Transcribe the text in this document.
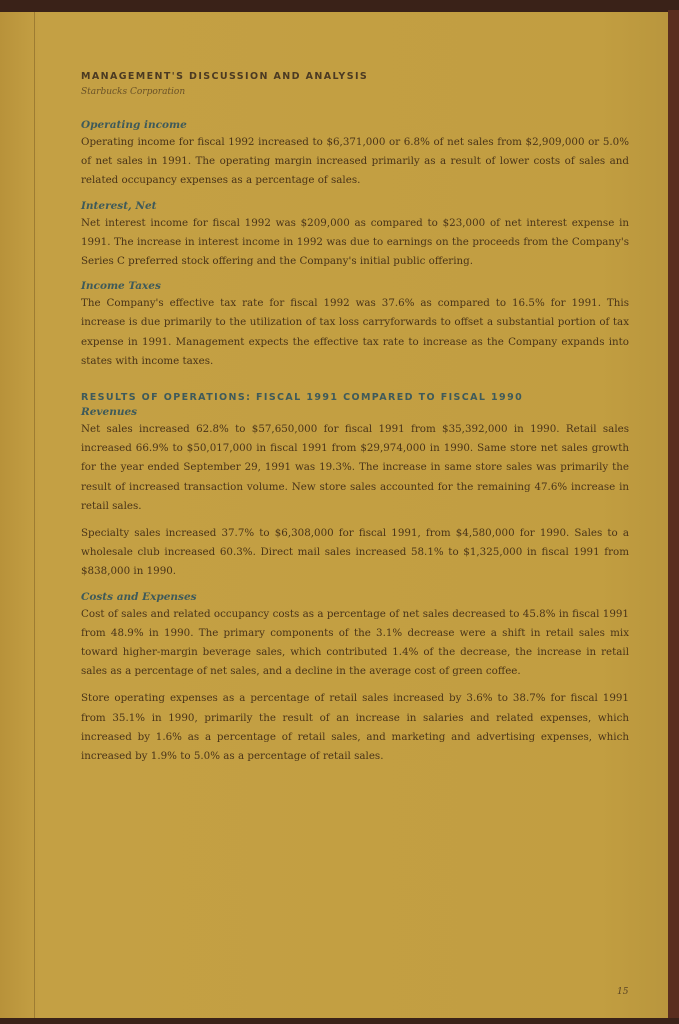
MANAGEMENT'S DISCUSSION AND ANALYSIS

Starbucks Corporation

Operating income

Operating income for fiscal 1992 increased to $6,371,000 or 6.8% of net sales from $2,909,000 or 5.0% of net sales in 1991. The operating margin increased primarily as a result of lower costs of sales and related occupancy expenses as a percentage of sales.

Interest, Net

Net interest income for fiscal 1992 was $209,000 as compared to $23,000 of net interest expense in 1991. The increase in interest income in 1992 was due to earnings on the proceeds from the Company's Series C preferred stock offering and the Company's initial public offering.

Income Taxes

The Company's effective tax rate for fiscal 1992 was 37.6% as compared to 16.5% for 1991. This increase is due primarily to the utilization of tax loss carryforwards to offset a substantial portion of tax expense in 1991. Management expects the effective tax rate to increase as the Company expands into states with income taxes.

RESULTS OF OPERATIONS: FISCAL 1991 COMPARED TO FISCAL 1990
Revenues

Net sales increased 62.8% to $57,650,000 for fiscal 1991 from $35,392,000 in 1990. Retail sales increased 66.9% to $50,017,000 in fiscal 1991 from $29,974,000 in 1990. Same store net sales growth for the year ended September 29, 1991 was 19.3%. The increase in same store sales was primarily the result of increased transaction volume. New store sales accounted for the remaining 47.6% increase in retail sales.

Specialty sales increased 37.7% to $6,308,000 for fiscal 1991, from $4,580,000 for 1990. Sales to a wholesale club increased 60.3%. Direct mail sales increased 58.1% to $1,325,000 in fiscal 1991 from $838,000 in 1990.

Costs and Expenses

Cost of sales and related occupancy costs as a percentage of net sales decreased to 45.8% in fiscal 1991 from 48.9% in 1990. The primary components of the 3.1% decrease were a shift in retail sales mix toward higher-margin beverage sales, which contributed 1.4% of the decrease, the increase in retail sales as a percentage of net sales, and a decline in the average cost of green coffee.

Store operating expenses as a percentage of retail sales increased by 3.6% to 38.7% for fiscal 1991 from 35.1% in 1990, primarily the result of an increase in salaries and related expenses, which increased by 1.6% as a percentage of retail sales, and marketing and advertising expenses, which increased by 1.9% to 5.0% as a percentage of retail sales.

15
